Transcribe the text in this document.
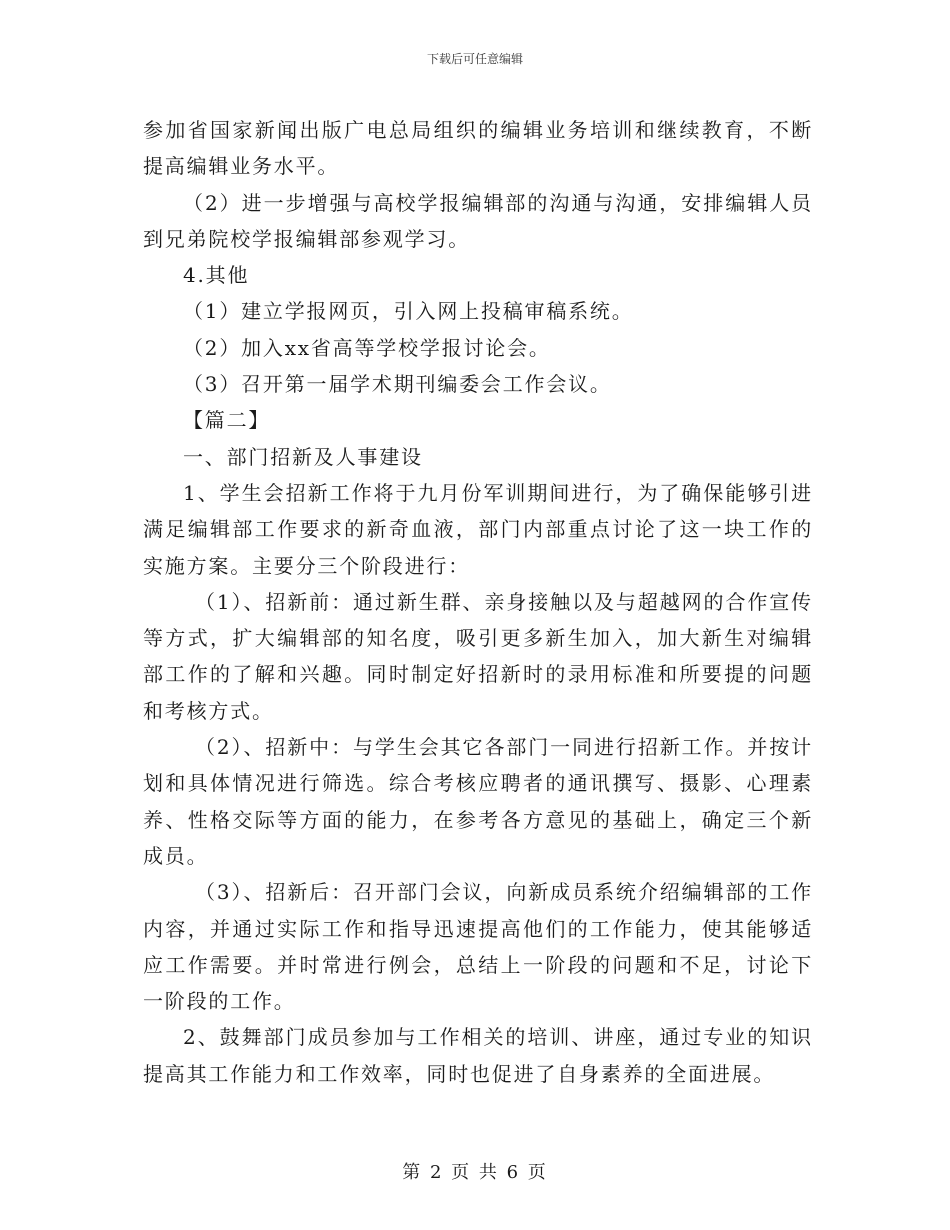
下载后可任意编辑

参加省国家新闻出版广电总局组织的编辑业务培训和继续教育，不断提高编辑业务水平。

（2）进一步增强与高校学报编辑部的沟通与沟通，安排编辑人员到兄弟院校学报编辑部参观学习。

4.其他

（1）建立学报网页，引入网上投稿审稿系统。

（2）加入xx省高等学校学报讨论会。

（3）召开第一届学术期刊编委会工作会议。

【篇二】

一、部门招新及人事建设

1、学生会招新工作将于九月份军训期间进行，为了确保能够引进满足编辑部工作要求的新奇血液，部门内部重点讨论了这一块工作的实施方案。主要分三个阶段进行：

（1）、招新前：通过新生群、亲身接触以及与超越网的合作宣传等方式，扩大编辑部的知名度，吸引更多新生加入，加大新生对编辑部工作的了解和兴趣。同时制定好招新时的录用标准和所要提的问题和考核方式。

（2）、招新中：与学生会其它各部门一同进行招新工作。并按计划和具体情况进行筛选。综合考核应聘者的通讯撰写、摄影、心理素养、性格交际等方面的能力，在参考各方意见的基础上，确定三个新成员。

（3）、招新后：召开部门会议，向新成员系统介绍编辑部的工作内容，并通过实际工作和指导迅速提高他们的工作能力，使其能够适应工作需要。并时常进行例会，总结上一阶段的问题和不足，讨论下一阶段的工作。

2、鼓舞部门成员参加与工作相关的培训、讲座，通过专业的知识提高其工作能力和工作效率，同时也促进了自身素养的全面进展。

第 2 页 共 6 页
